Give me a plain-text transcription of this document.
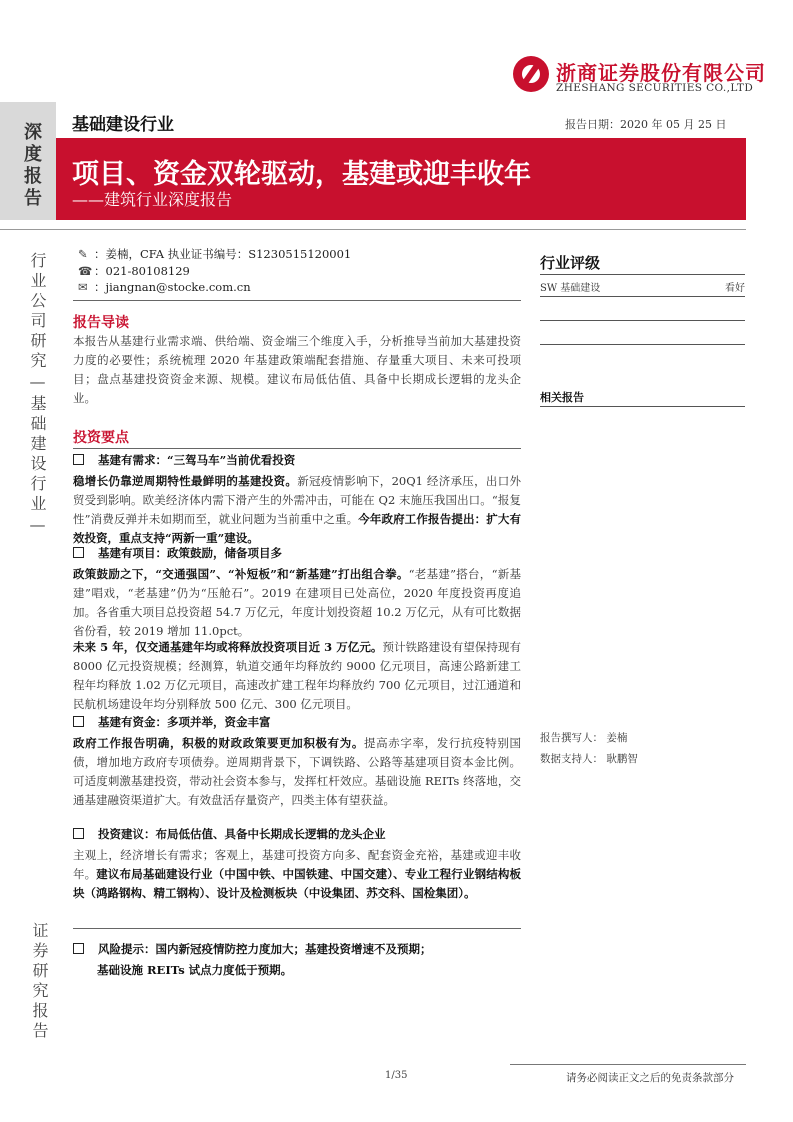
浙商证券股份有限公司
ZHESHANG SECURITIES CO.,LTD
深度报告 基础建设行业	报告日期：2020 年 05 月 25 日
项目、资金双轮驱动，基建或迎丰收年
——建筑行业深度报告
行业公司研究—基础建设行业—
证券研究报告
✎ ：姜楠，CFA 执业证书编号：S1230515120001
☎ ：021-80108129
✉ ：jiangnan@stocke.com.cn
报告导读
本报告从基建行业需求端、供给端、资金端三个维度入手，分析推导当前加大基建投资力度的必要性；系统梳理 2020 年基建政策端配套措施、存量重大项目、未来可投项目；盘点基建投资资金来源、规模。建议布局低估值、具备中长期成长逻辑的龙头企业。
投资要点
基建有需求：“三驾马车”当前优看投资
稳增长仍靠逆周期特性最鲜明的基建投资。新冠疫情影响下，20Q1 经济承压，出口外贸受到影响。欧美经济体内需下滑产生的外需冲击，可能在 Q2 末施压我国出口。“报复性”消费反弹并未如期而至，就业问题为当前重中之重。今年政府工作报告提出：扩大有效投资，重点支持“两新一重”建设。
基建有项目：政策鼓励，储备项目多
政策鼓励之下，“交通强国”、“补短板”和“新基建”打出组合拳。“老基建”搭台，“新基建”唱戏，“老基建”仍为“压舱石”。2019 在建项目已处高位，2020 年度投资再度追加。各省重大项目总投资超 54.7 万亿元，年度计划投资超 10.2 万亿元，从有可比数据省份看，较 2019 增加 11.0pct。
未来 5 年，仅交通基建年均或将释放投资项目近 3 万亿元。预计铁路建设有望保持现有 8000 亿元投资规模；经测算，轨道交通年均释放约 9000 亿元项目，高速公路新建工程年均释放 1.02 万亿元项目，高速改扩建工程年均释放约 700 亿元项目，过江通道和民航机场建设年均分别释放 500 亿元、300 亿元项目。
基建有资金：多项并举，资金丰富
政府工作报告明确，积极的财政政策要更加积极有为。提高赤字率，发行抗疫特别国债，增加地方政府专项债券。逆周期背景下，下调铁路、公路等基建项目资本金比例。可适度刺激基建投资，带动社会资本参与，发挥杠杆效应。基础设施 REITs 终落地，交通基建融资渠道扩大。有效盘活存量资产，四类主体有望获益。
投资建议：布局低估值、具备中长期成长逻辑的龙头企业
主观上，经济增长有需求；客观上，基建可投资方向多、配套资金充裕，基建或迎丰收年。建议布局基础建设行业（中国中铁、中国铁建、中国交建）、专业工程行业钢结构板块（鸿路钢构、精工钢构）、设计及检测板块（中设集团、苏交科、国检集团）。
风险提示：国内新冠疫情防控力度加大；基建投资增速不及预期；
基础设施 REITs 试点力度低于预期。
行业评级
SW 基础建设	看好
相关报告
报告撰写人： 姜楠
数据支持人： 耿鹏智
1/35	请务必阅读正文之后的免责条款部分
